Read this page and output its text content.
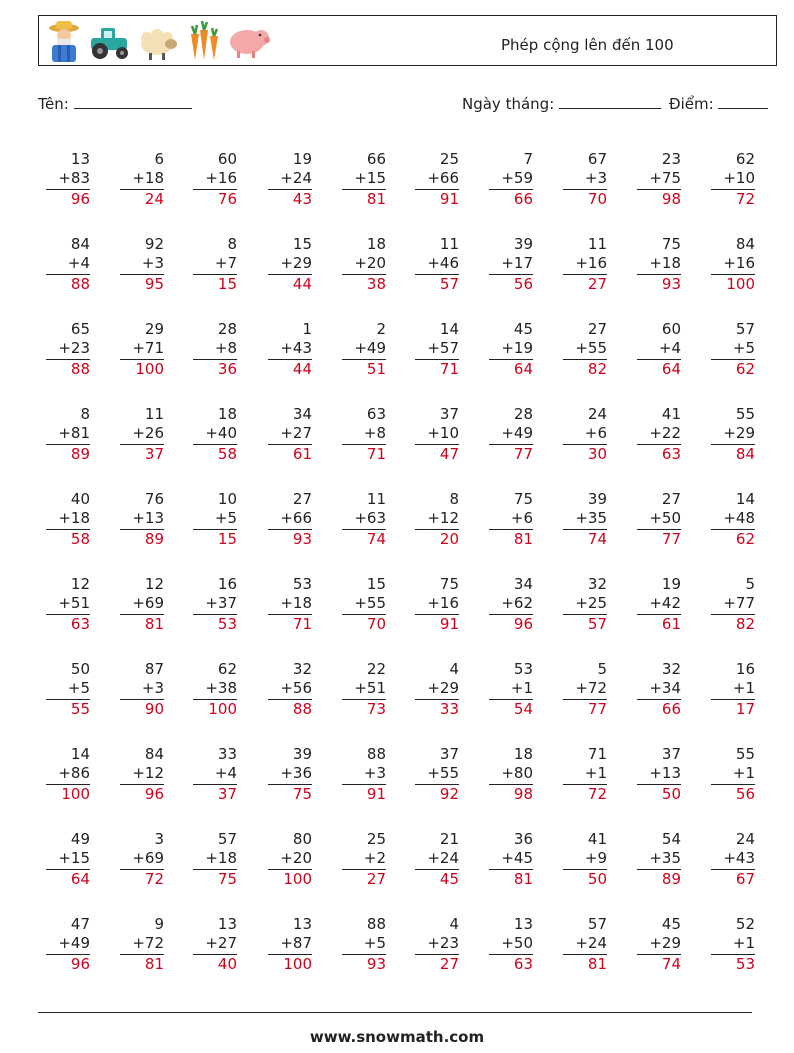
Phép cộng lên đến 100
Tên:	Ngày tháng:	Điểm:
13
+83
96
6
+18
24
60
+16
76
19
+24
43
66
+15
81
25
+66
91
7
+59
66
67
+3
70
23
+75
98
62
+10
72
84
+4
88
92
+3
95
8
+7
15
15
+29
44
18
+20
38
11
+46
57
39
+17
56
11
+16
27
75
+18
93
84
+16
100
65
+23
88
29
+71
100
28
+8
36
1
+43
44
2
+49
51
14
+57
71
45
+19
64
27
+55
82
60
+4
64
57
+5
62
8
+81
89
11
+26
37
18
+40
58
34
+27
61
63
+8
71
37
+10
47
28
+49
77
24
+6
30
41
+22
63
55
+29
84
40
+18
58
76
+13
89
10
+5
15
27
+66
93
11
+63
74
8
+12
20
75
+6
81
39
+35
74
27
+50
77
14
+48
62
12
+51
63
12
+69
81
16
+37
53
53
+18
71
15
+55
70
75
+16
91
34
+62
96
32
+25
57
19
+42
61
5
+77
82
50
+5
55
87
+3
90
62
+38
100
32
+56
88
22
+51
73
4
+29
33
53
+1
54
5
+72
77
32
+34
66
16
+1
17
14
+86
100
84
+12
96
33
+4
37
39
+36
75
88
+3
91
37
+55
92
18
+80
98
71
+1
72
37
+13
50
55
+1
56
49
+15
64
3
+69
72
57
+18
75
80
+20
100
25
+2
27
21
+24
45
36
+45
81
41
+9
50
54
+35
89
24
+43
67
47
+49
96
9
+72
81
13
+27
40
13
+87
100
88
+5
93
4
+23
27
13
+50
63
57
+24
81
45
+29
74
52
+1
53
www.snowmath.com
